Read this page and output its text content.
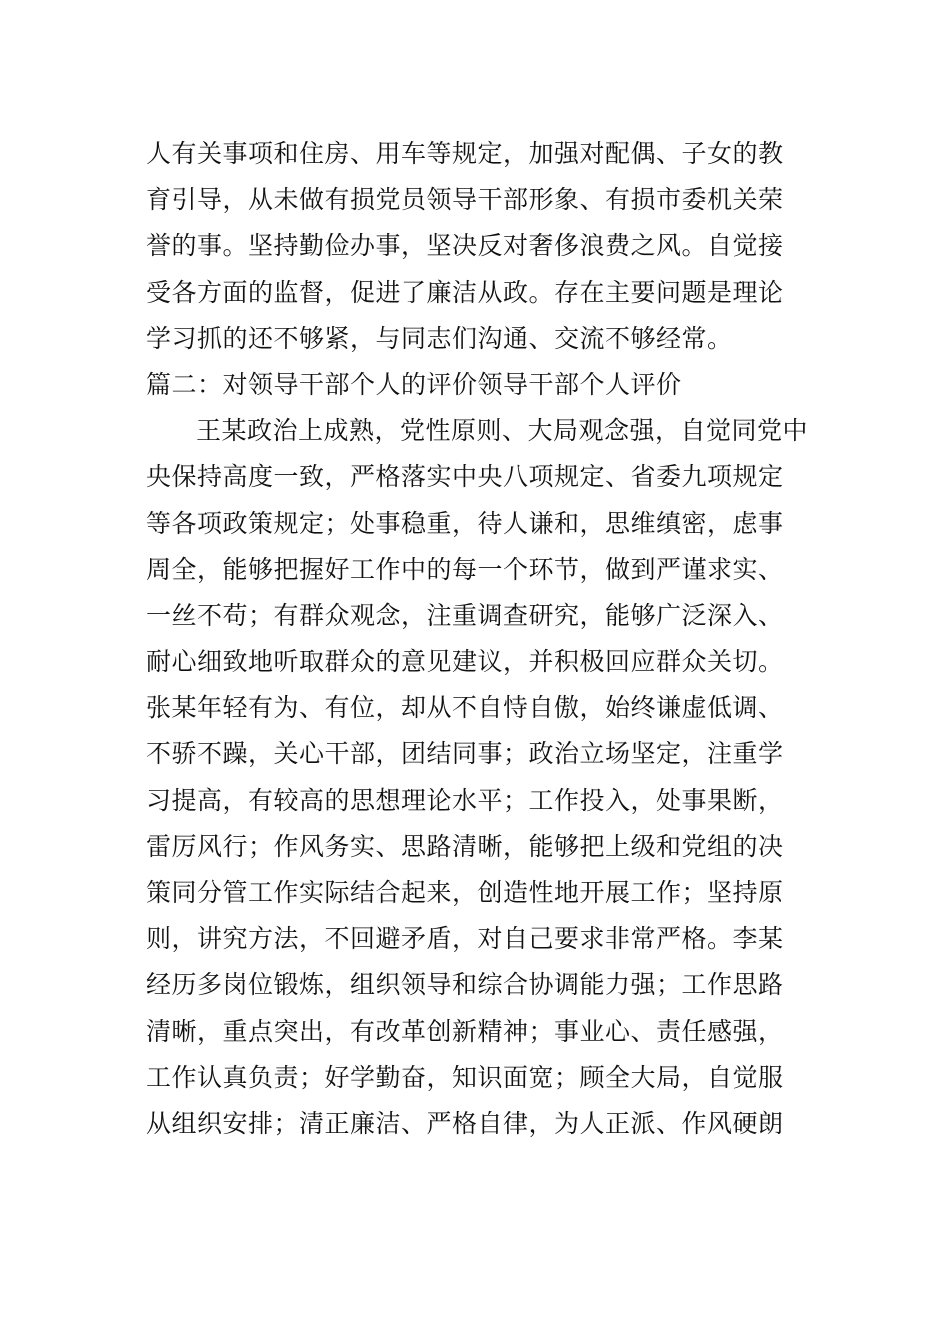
人有关事项和住房、用车等规定，加强对配偶、子女的教
育引导，从未做有损党员领导干部形象、有损市委机关荣
誉的事。坚持勤俭办事，坚决反对奢侈浪费之风。自觉接
受各方面的监督，促进了廉洁从政。存在主要问题是理论
学习抓的还不够紧，与同志们沟通、交流不够经常。
篇二：对领导干部个人的评价领导干部个人评价
王某政治上成熟，党性原则、大局观念强，自觉同党中
央保持高度一致，严格落实中央八项规定、省委九项规定
等各项政策规定；处事稳重，待人谦和，思维缜密，虑事
周全，能够把握好工作中的每一个环节，做到严谨求实、
一丝不苟；有群众观念，注重调查研究，能够广泛深入、
耐心细致地听取群众的意见建议，并积极回应群众关切。
张某年轻有为、有位，却从不自恃自傲，始终谦虚低调、
不骄不躁，关心干部，团结同事；政治立场坚定，注重学
习提高，有较高的思想理论水平；工作投入，处事果断，
雷厉风行；作风务实、思路清晰，能够把上级和党组的决
策同分管工作实际结合起来，创造性地开展工作；坚持原
则，讲究方法，不回避矛盾，对自己要求非常严格。李某
经历多岗位锻炼，组织领导和综合协调能力强；工作思路
清晰，重点突出，有改革创新精神；事业心、责任感强，
工作认真负责；好学勤奋，知识面宽；顾全大局，自觉服
从组织安排；清正廉洁、严格自律，为人正派、作风硬朗
